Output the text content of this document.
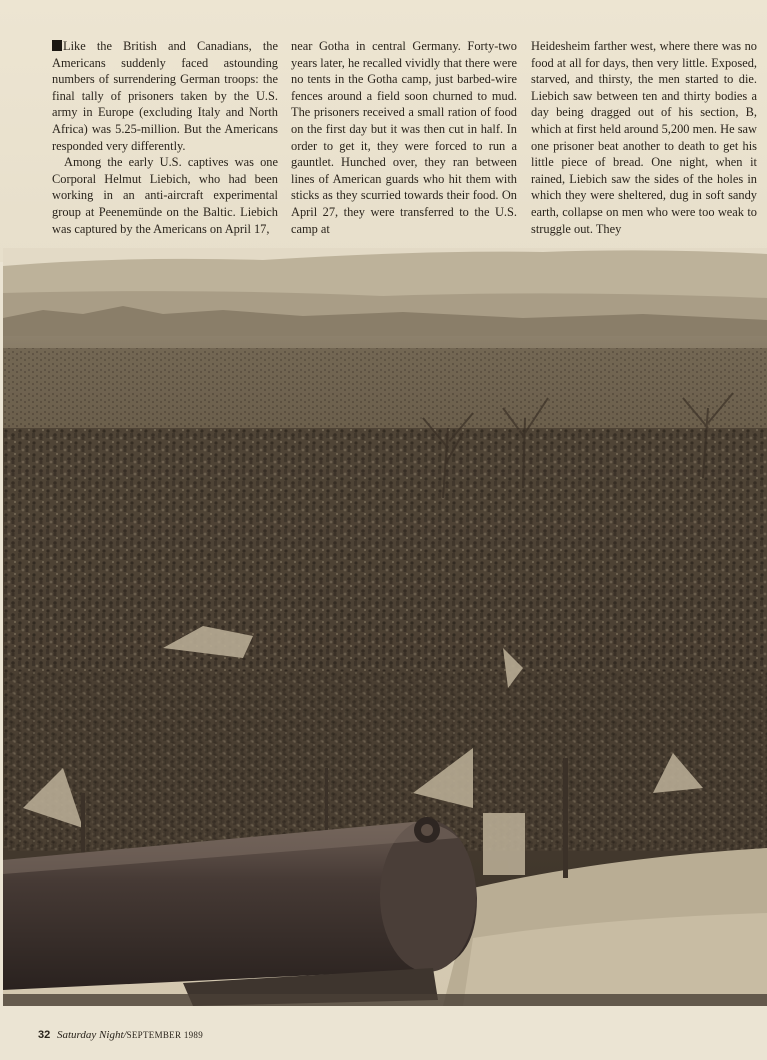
Like the British and Canadians, the Americans suddenly faced astounding numbers of surrendering German troops: the final tally of prisoners taken by the U.S. army in Europe (excluding Italy and North Africa) was 5.25-million. But the Americans responded very differently.

Among the early U.S. captives was one Corporal Helmut Liebich, who had been working in an anti-aircraft experimental group at Peenemünde on the Baltic. Liebich was captured by the Americans on April 17,

near Gotha in central Germany. Forty-two years later, he recalled vividly that there were no tents in the Gotha camp, just barbed-wire fences around a field soon churned to mud. The prisoners received a small ration of food on the first day but it was then cut in half. In order to get it, they were forced to run a gauntlet. Hunched over, they ran between lines of American guards who hit them with sticks as they scurried towards their food. On April 27, they were transferred to the U.S. camp at

Heidesheim farther west, where there was no food at all for days, then very little. Exposed, starved, and thirsty, the men started to die. Liebich saw between ten and thirty bodies a day being dragged out of his section, B, which at first held around 5,200 men. He saw one prisoner beat another to death to get his little piece of bread. One night, when it rained, Liebich saw the sides of the holes in which they were sheltered, dug in soft sandy earth, collapse on men who were too weak to struggle out. They

32 Saturday Night/SEPTEMBER 1989
